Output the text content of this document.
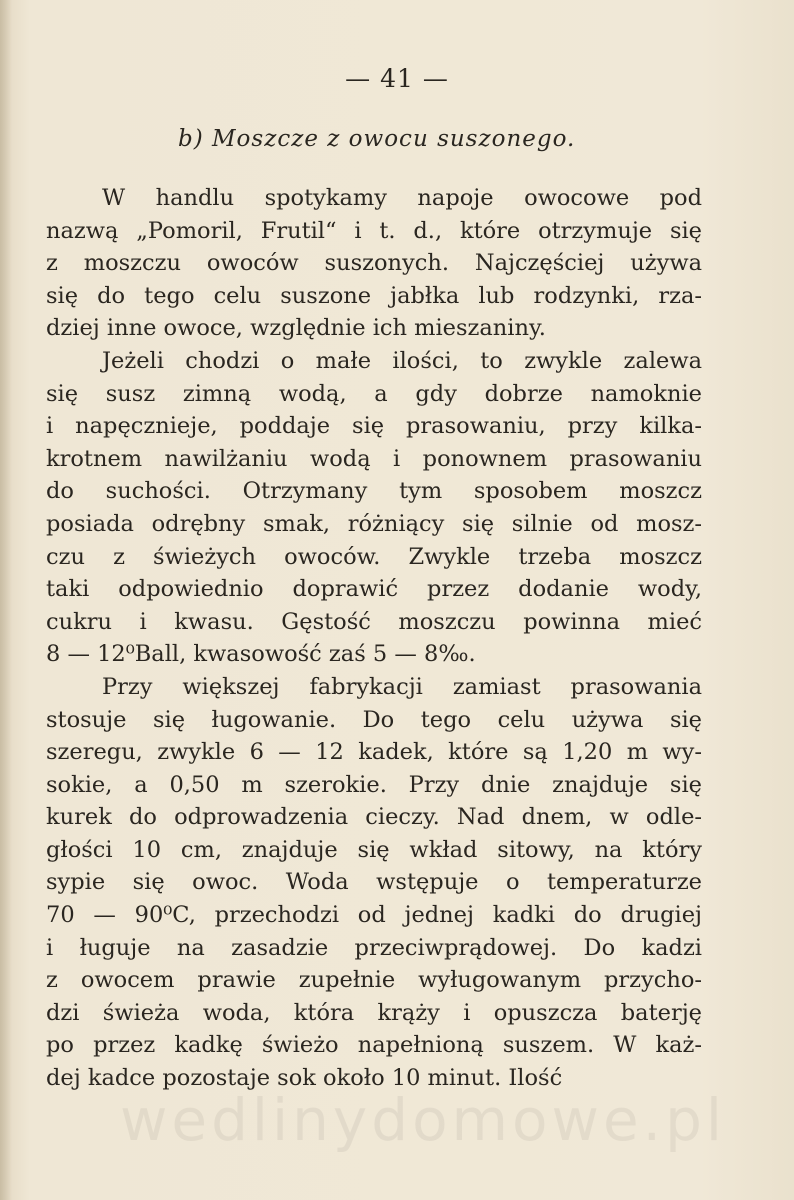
— 41 —
b) Moszcze z owocu suszonego.

W handlu spotykamy napoje owocowe pod
nazwą „Pomoril, Frutil“ i t. d., które otrzymuje się
z moszczu owoców suszonych. Najczęściej używa
się do tego celu suszone jabłka lub rodzynki, rza-
dziej inne owoce, względnie ich mieszaniny.

Jeżeli chodzi o małe ilości, to zwykle zalewa
się susz zimną wodą, a gdy dobrze namoknie
i napęcznieje, poddaje się prasowaniu, przy kilka-
krotnem nawilżaniu wodą i ponownem prasowaniu
do suchości. Otrzymany tym sposobem moszcz
posiada odrębny smak, różniący się silnie od mosz-
czu z świeżych owoców. Zwykle trzeba moszcz
taki odpowiednio doprawić przez dodanie wody,
cukru i kwasu. Gęstość moszczu powinna mieć
8 — 12⁰Ball, kwasowość zaś 5 — 8‰.

Przy większej fabrykacji zamiast prasowania
stosuje się ługowanie. Do tego celu używa się
szeregu, zwykle 6 — 12 kadek, które są 1,20 m wy-
sokie, a 0,50 m szerokie. Przy dnie znajduje się
kurek do odprowadzenia cieczy. Nad dnem, w odle-
głości 10 cm, znajduje się wkład sitowy, na który
sypie się owoc. Woda wstępuje o temperaturze
70 — 90⁰C, przechodzi od jednej kadki do drugiej
i ługuje na zasadzie przeciwprądowej. Do kadzi
z owocem prawie zupełnie wyługowanym przycho-
dzi świeża woda, która krąży i opuszcza baterję
po przez kadkę świeżo napełnioną suszem. W każ-
dej kadce pozostaje sok około 10 minut. Ilość

wedlinydomowe.pl
